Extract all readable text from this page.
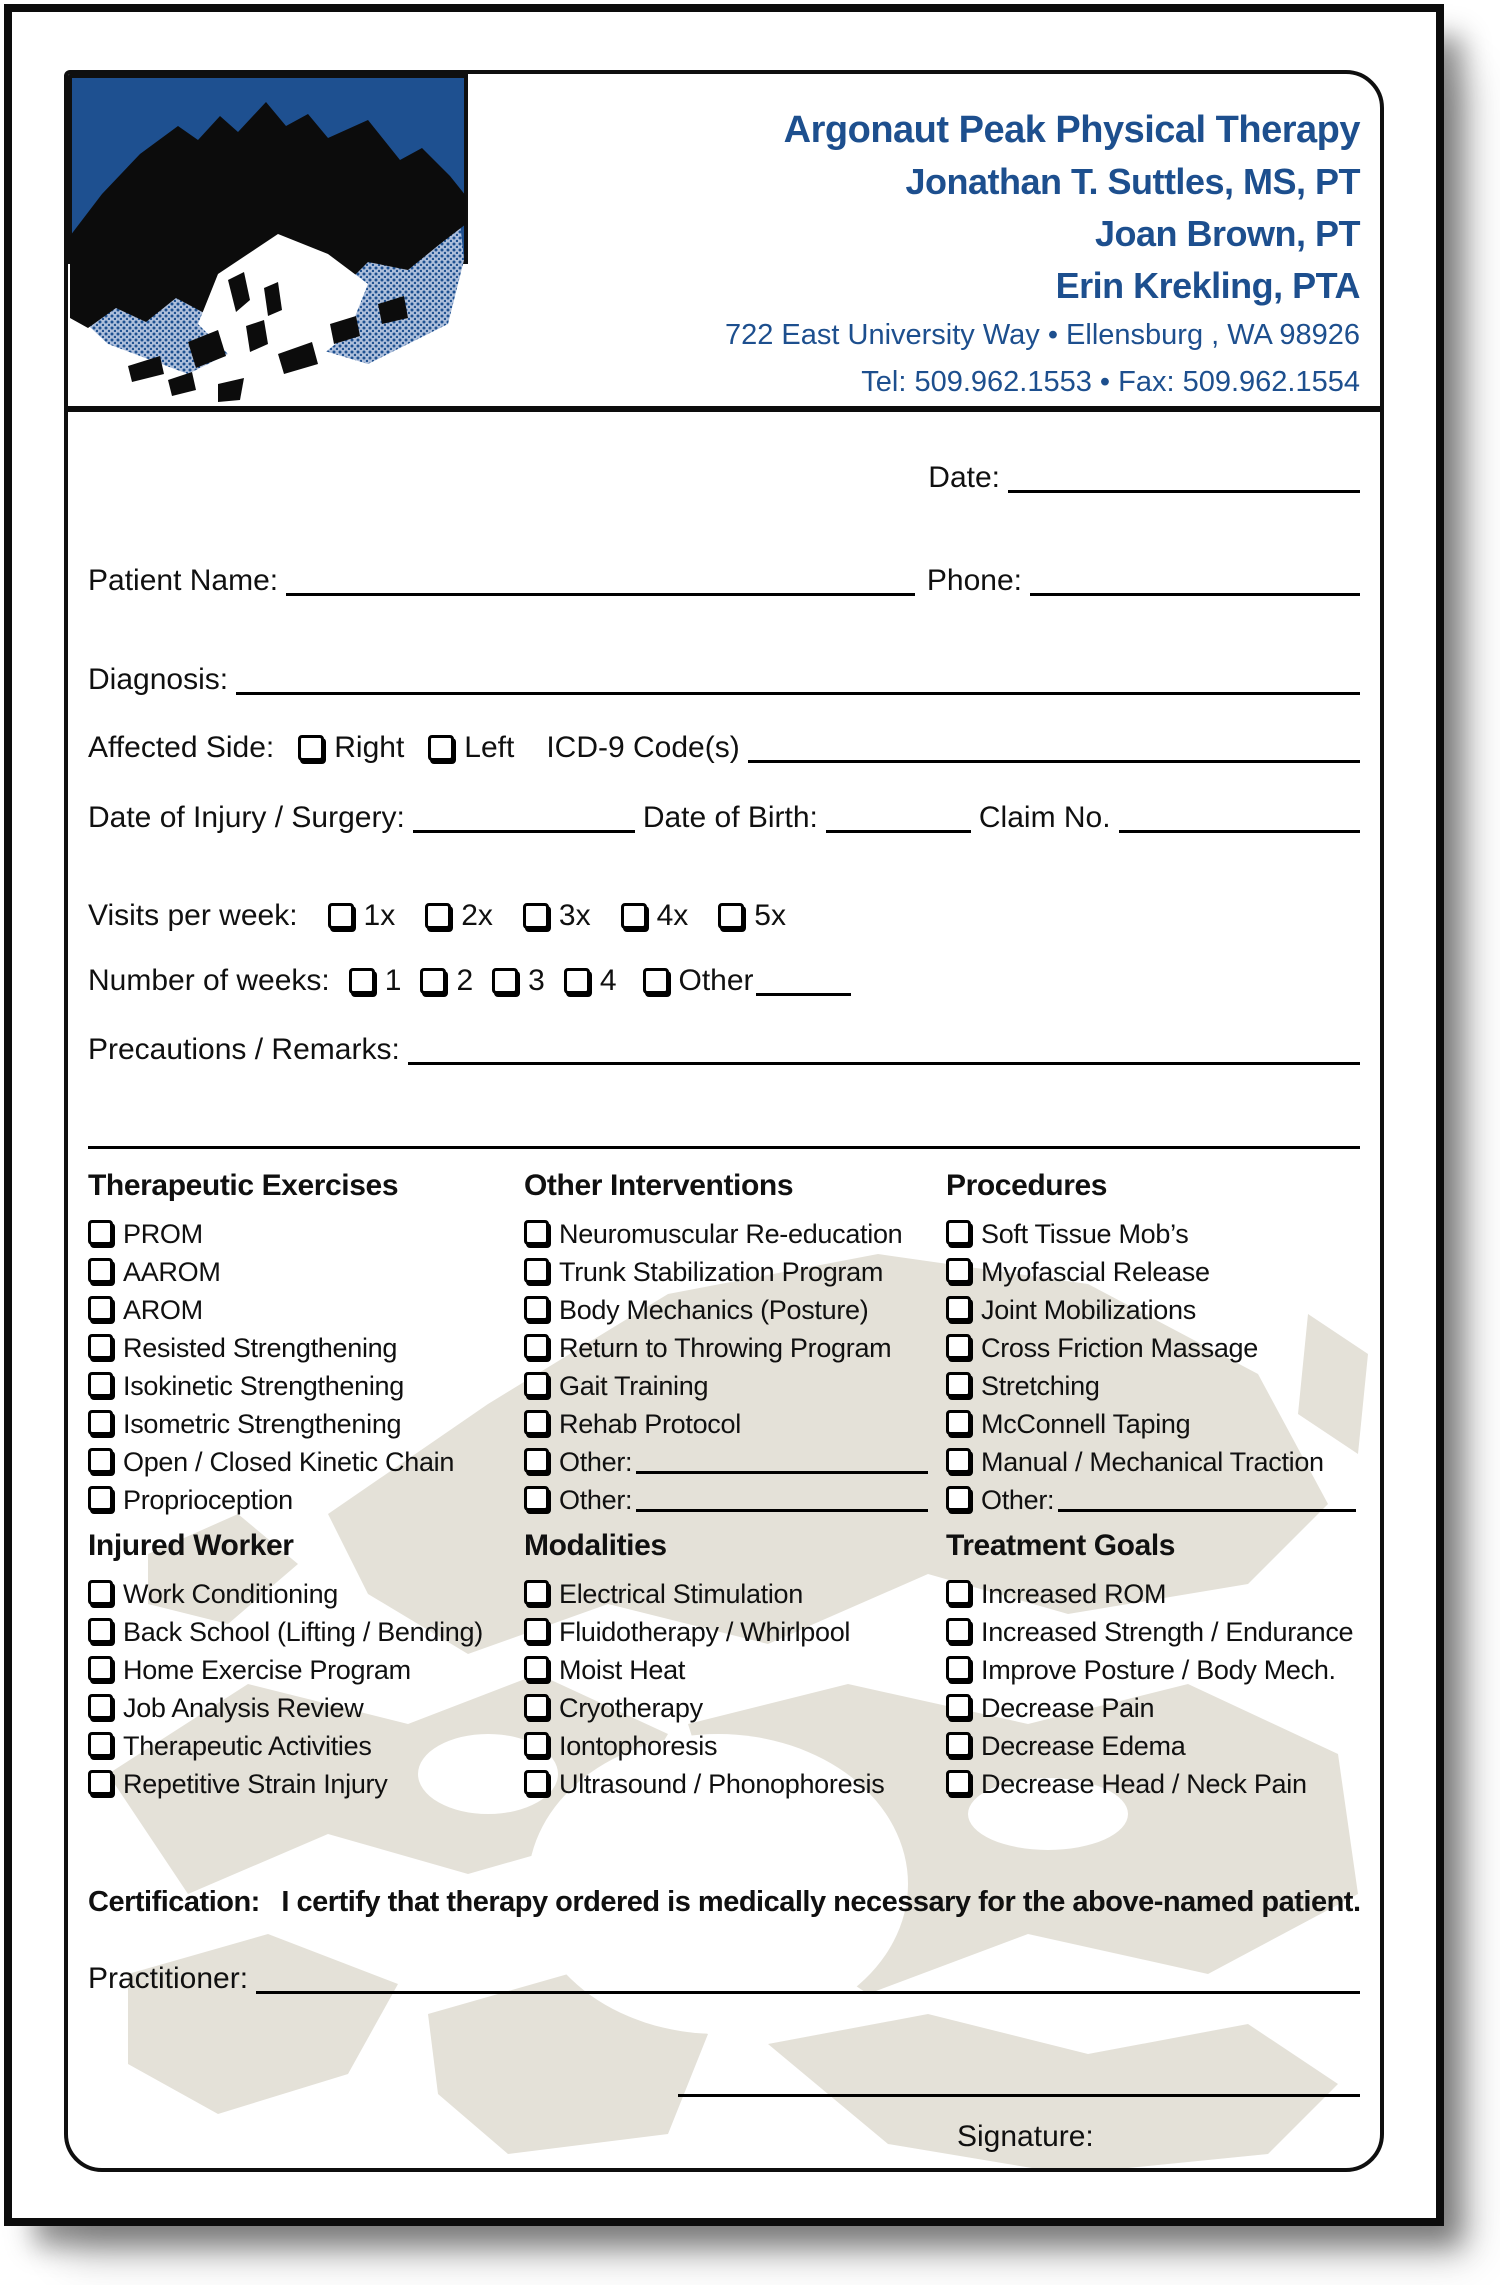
Argonaut Peak Physical Therapy
Jonathan T. Suttles, MS, PT
Joan Brown, PT
Erin Krekling, PTA
722 East University Way • Ellensburg , WA 98926
Tel: 509.962.1553 • Fax: 509.962.1554
Date:
Patient Name:	Phone:
Diagnosis:
Affected Side: Right Left ICD-9 Code(s)
Date of Injury / Surgery:	Date of Birth:	Claim No.
Visits per week: 1x 2x 3x 4x 5x
Number of weeks: 1 2 3 4 Other
Precautions / Remarks:
Therapeutic Exercises
PROM
AAROM
AROM
Resisted Strengthening
Isokinetic Strengthening
Isometric Strengthening
Open / Closed Kinetic Chain
Proprioception
Other Interventions
Neuromuscular Re-education
Trunk Stabilization Program
Body Mechanics (Posture)
Return to Throwing Program
Gait Training
Rehab Protocol
Other:
Other:
Procedures
Soft Tissue Mob’s
Myofascial Release
Joint Mobilizations
Cross Friction Massage
Stretching
McConnell Taping
Manual / Mechanical Traction
Other:
Injured Worker
Work Conditioning
Back School (Lifting / Bending)
Home Exercise Program
Job Analysis Review
Therapeutic Activities
Repetitive Strain Injury
Modalities
Electrical Stimulation
Fluidotherapy / Whirlpool
Moist Heat
Cryotherapy
Iontophoresis
Ultrasound / Phonophoresis
Treatment Goals
Increased ROM
Increased Strength / Endurance
Improve Posture / Body Mech.
Decrease Pain
Decrease Edema
Decrease Head / Neck Pain
Certification: I certify that therapy ordered is medically necessary for the above-named patient.
Practitioner:
Signature:
